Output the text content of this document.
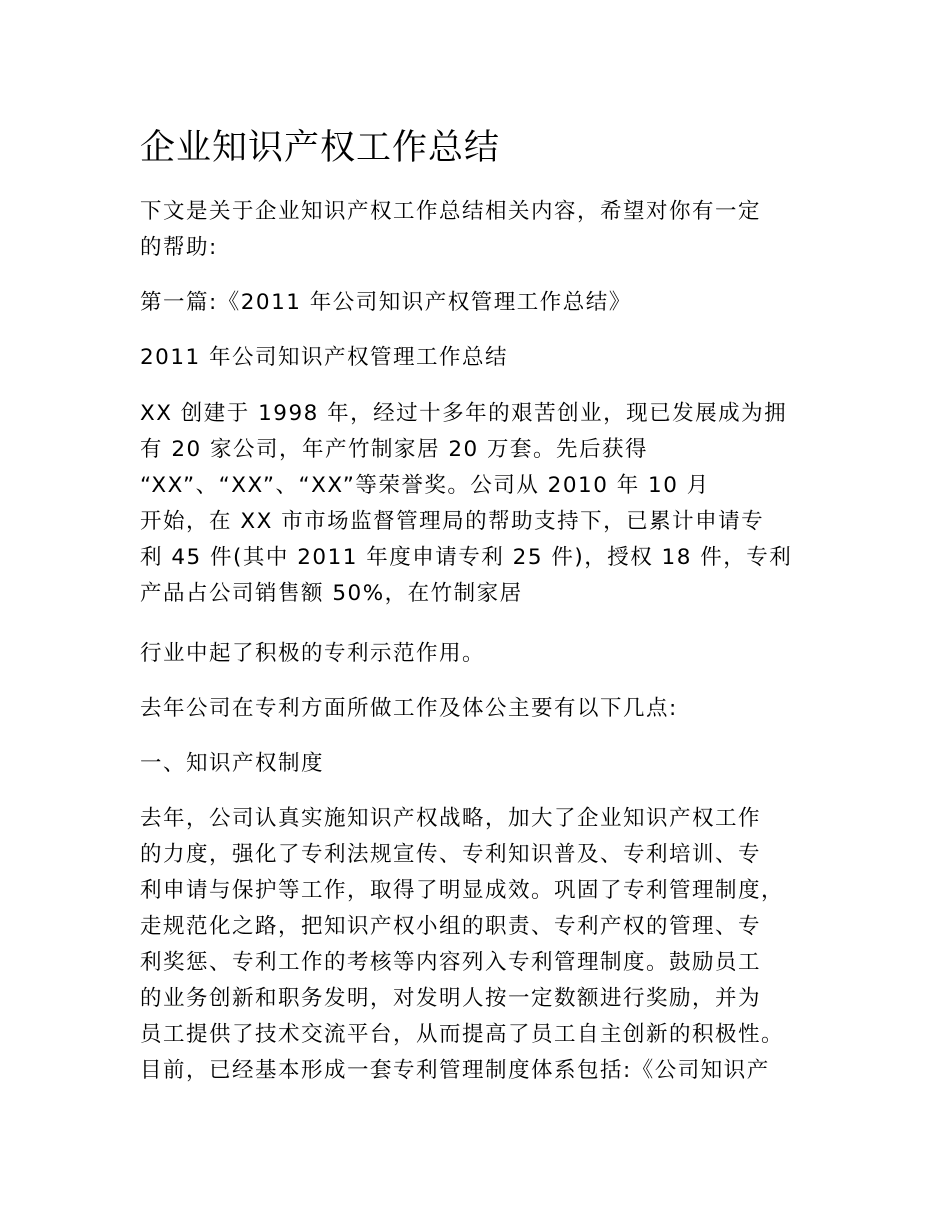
企业知识产权工作总结
下文是关于企业知识产权工作总结相关内容，希望对你有一定
的帮助:
第一篇:《2011 年公司知识产权管理工作总结》
2011 年公司知识产权管理工作总结
XX 创建于 1998 年，经过十多年的艰苦创业，现已发展成为拥
有 20 家公司，年产竹制家居 20 万套。先后获得
“XX”、“XX”、“XX”等荣誉奖。公司从 2010 年 10 月
开始，在 XX 市市场监督管理局的帮助支持下，已累计申请专
利 45 件(其中 2011 年度申请专利 25 件)，授权 18 件，专利
产品占公司销售额 50%，在竹制家居
行业中起了积极的专利示范作用。
去年公司在专利方面所做工作及体公主要有以下几点:
一、知识产权制度
去年，公司认真实施知识产权战略，加大了企业知识产权工作
的力度，强化了专利法规宣传、专利知识普及、专利培训、专
利申请与保护等工作，取得了明显成效。巩固了专利管理制度，
走规范化之路，把知识产权小组的职责、专利产权的管理、专
利奖惩、专利工作的考核等内容列入专利管理制度。鼓励员工
的业务创新和职务发明，对发明人按一定数额进行奖励，并为
员工提供了技术交流平台，从而提高了员工自主创新的积极性。
目前，已经基本形成一套专利管理制度体系包括:《公司知识产
